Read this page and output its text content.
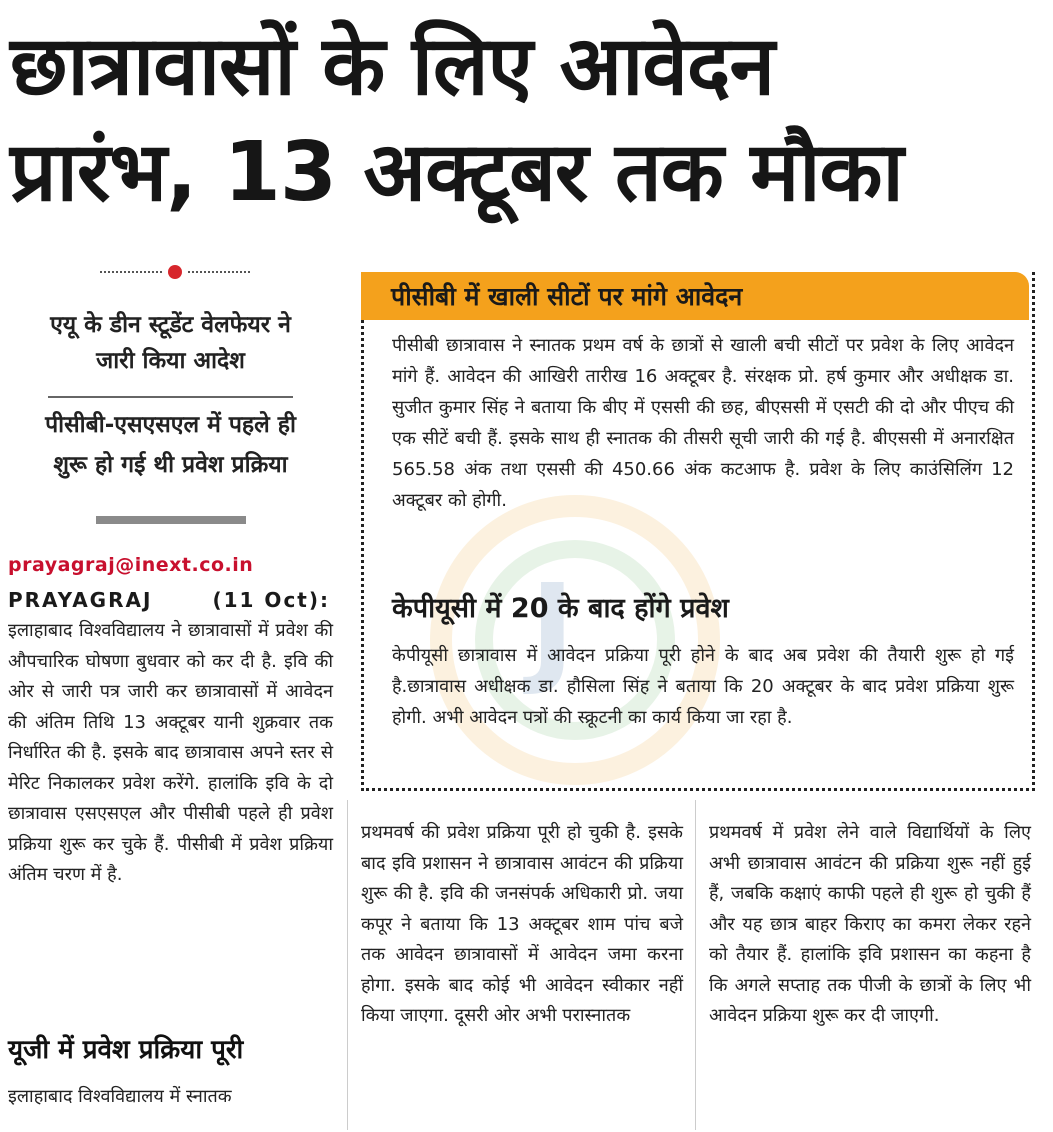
छात्रावासों के लिए आवेदन
प्रारंभ, 13 अक्टूबर तक मौका

एयू के डीन स्टूडेंट वेलफेयर ने

जारी किया आदेश

पीसीबी-एसएसएल में पहले ही

शुरू हो गई थी प्रवेश प्रक्रिया

prayagraj@inext.co.in
PRAYAGRAJ	(11 Oct):

इलाहाबाद विश्वविद्यालय ने छात्रावासों में प्रवेश की औपचारिक घोषणा बुधवार को कर दी है. इवि की ओर से जारी पत्र जारी कर छात्रावासों में आवेदन की अंतिम तिथि 13 अक्टूबर यानी शुक्रवार तक निर्धारित की है. इसके बाद छात्रावास अपने स्तर से मेरिट निकालकर प्रवेश करेंगे. हालांकि इवि के दो छात्रावास एसएसएल और पीसीबी पहले ही प्रवेश प्रक्रिया शुरू कर चुके हैं. पीसीबी में प्रवेश प्रक्रिया अंतिम चरण में है.

यूजी में प्रवेश प्रक्रिया पूरी

इलाहाबाद विश्वविद्यालय में स्नातक

J
पीसीबी में खाली सीटों पर मांगे आवेदन

पीसीबी छात्रावास ने स्नातक प्रथम वर्ष के छात्रों से खाली बची सीटों पर प्रवेश के लिए आवेदन मांगे हैं. आवेदन की आखिरी तारीख 16 अक्टूबर है. संरक्षक प्रो. हर्ष कुमार और अधीक्षक डा. सुजीत कुमार सिंह ने बताया कि बीए में एससी की छह, बीएससी में एसटी की दो और पीएच की एक सीटें बची हैं. इसके साथ ही स्नातक की तीसरी सूची जारी की गई है. बीएससी में अनारक्षित 565.58 अंक तथा एससी की 450.66 अंक कटआफ है. प्रवेश के लिए काउंसिलिंग 12 अक्टूबर को होगी.

केपीयूसी में 20 के बाद होंगे प्रवेश

केपीयूसी छात्रावास में आवेदन प्रक्रिया पूरी होने के बाद अब प्रवेश की तैयारी शुरू हो गई है.छात्रावास अधीक्षक डा. हौसिला सिंह ने बताया कि 20 अक्टूबर के बाद प्रवेश प्रक्रिया शुरू होगी. अभी आवेदन पत्रों की स्क्रूटनी का कार्य किया जा रहा है.

प्रथमवर्ष की प्रवेश प्रक्रिया पूरी हो चुकी है. इसके बाद इवि प्रशासन ने छात्रावास आवंटन की प्रक्रिया शुरू की है. इवि की जनसंपर्क अधिकारी प्रो. जया कपूर ने बताया कि 13 अक्टूबर शाम पांच बजे तक आवेदन छात्रावासों में आवेदन जमा करना होगा. इसके बाद कोई भी आवेदन स्वीकार नहीं किया जाएगा. दूसरी ओर अभी परास्नातक

प्रथमवर्ष में प्रवेश लेने वाले विद्यार्थियों के लिए अभी छात्रावास आवंटन की प्रक्रिया शुरू नहीं हुई हैं, जबकि कक्षाएं काफी पहले ही शुरू हो चुकी हैं और यह छात्र बाहर किराए का कमरा लेकर रहने को तैयार हैं. हालांकि इवि प्रशासन का कहना है कि अगले सप्ताह तक पीजी के छात्रों के लिए भी आवेदन प्रक्रिया शुरू कर दी जाएगी.
